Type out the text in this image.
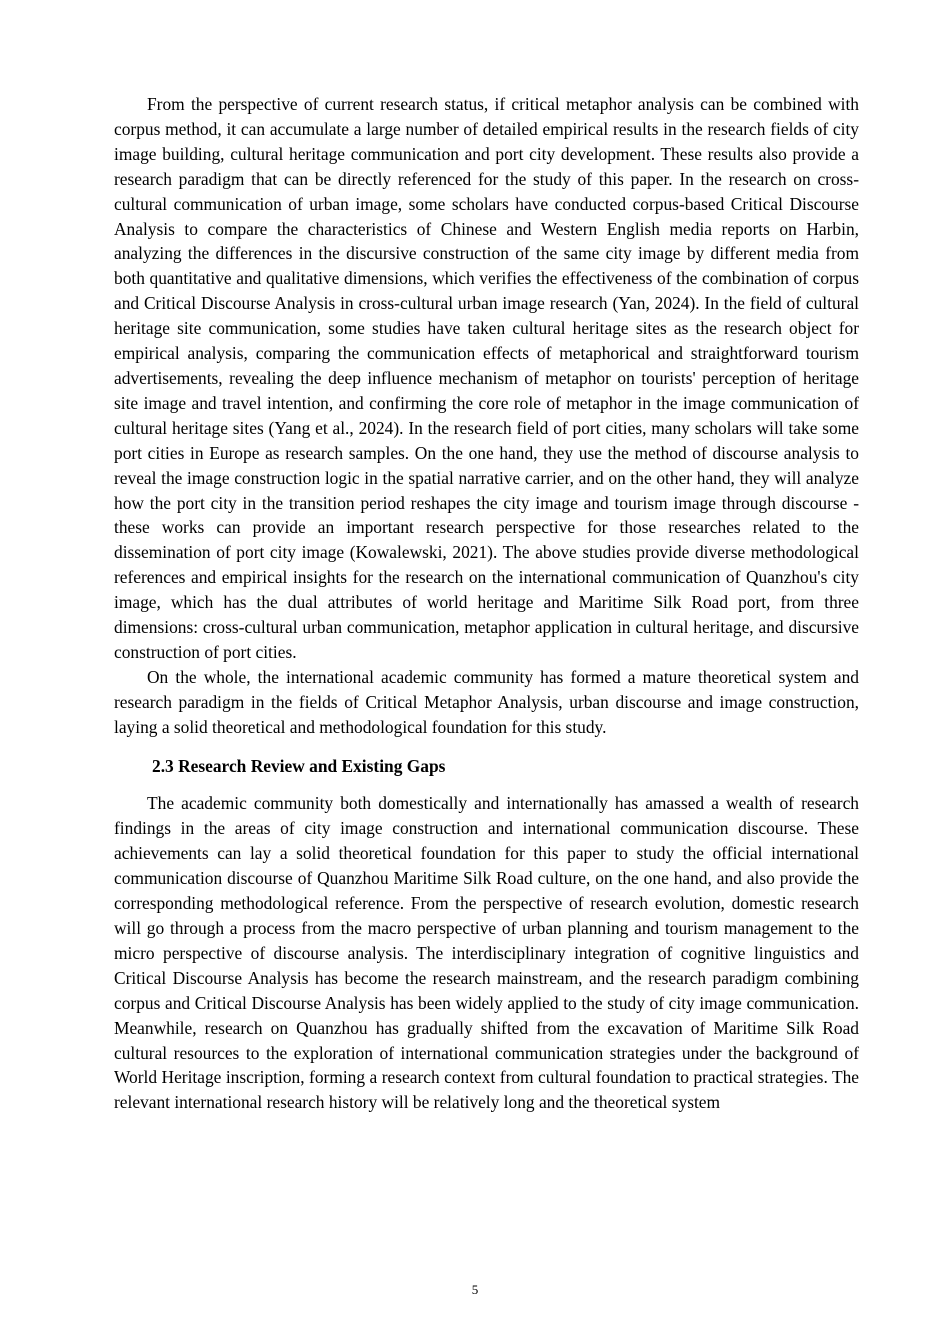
From the perspective of current research status, if critical metaphor analysis can be combined with corpus method, it can accumulate a large number of detailed empirical results in the research fields of city image building, cultural heritage communication and port city development. These results also provide a research paradigm that can be directly referenced for the study of this paper. In the research on cross-cultural communication of urban image, some scholars have conducted corpus-based Critical Discourse Analysis to compare the characteristics of Chinese and Western English media reports on Harbin, analyzing the differences in the discursive construction of the same city image by different media from both quantitative and qualitative dimensions, which verifies the effectiveness of the combination of corpus and Critical Discourse Analysis in cross-cultural urban image research (Yan, 2024). In the field of cultural heritage site communication, some studies have taken cultural heritage sites as the research object for empirical analysis, comparing the communication effects of metaphorical and straightforward tourism advertisements, revealing the deep influence mechanism of metaphor on tourists' perception of heritage site image and travel intention, and confirming the core role of metaphor in the image communication of cultural heritage sites (Yang et al., 2024). In the research field of port cities, many scholars will take some port cities in Europe as research samples. On the one hand, they use the method of discourse analysis to reveal the image construction logic in the spatial narrative carrier, and on the other hand, they will analyze how the port city in the transition period reshapes the city image and tourism image through discourse - these works can provide an important research perspective for those researches related to the dissemination of port city image (Kowalewski, 2021). The above studies provide diverse methodological references and empirical insights for the research on the international communication of Quanzhou's city image, which has the dual attributes of world heritage and Maritime Silk Road port, from three dimensions: cross-cultural urban communication, metaphor application in cultural heritage, and discursive construction of port cities.

On the whole, the international academic community has formed a mature theoretical system and research paradigm in the fields of Critical Metaphor Analysis, urban discourse and image construction, laying a solid theoretical and methodological foundation for this study.

2.3 Research Review and Existing Gaps

The academic community both domestically and internationally has amassed a wealth of research findings in the areas of city image construction and international communication discourse. These achievements can lay a solid theoretical foundation for this paper to study the official international communication discourse of Quanzhou Maritime Silk Road culture, on the one hand, and also provide the corresponding methodological reference. From the perspective of research evolution, domestic research will go through a process from the macro perspective of urban planning and tourism management to the micro perspective of discourse analysis. The interdisciplinary integration of cognitive linguistics and Critical Discourse Analysis has become the research mainstream, and the research paradigm combining corpus and Critical Discourse Analysis has been widely applied to the study of city image communication. Meanwhile, research on Quanzhou has gradually shifted from the excavation of Maritime Silk Road cultural resources to the exploration of international communication strategies under the background of World Heritage inscription, forming a research context from cultural foundation to practical strategies. The relevant international research history will be relatively long and the theoretical system

5
